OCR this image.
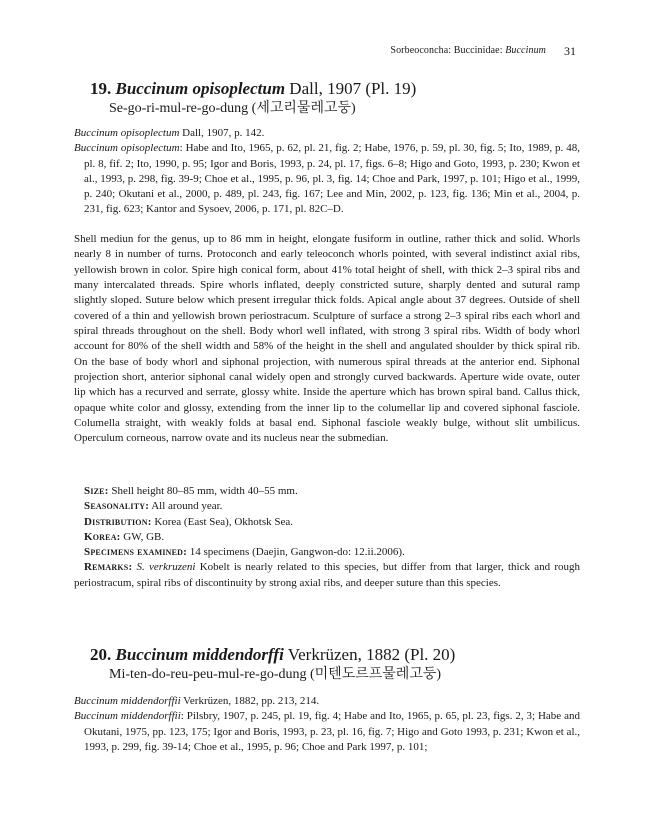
Sorbeoconcha: Buccinidae: Buccinum 31
19. Buccinum opisoplectum Dall, 1907 (Pl. 19)
Se-go-ri-mul-re-go-dung (세고리물레고둥)

Buccinum opisoplectum Dall, 1907, p. 142.

Buccinum opisoplectum: Habe and Ito, 1965, p. 62, pl. 21, fig. 2; Habe, 1976, p. 59, pl. 30, fig. 5; Ito, 1989, p. 48, pl. 8, fif. 2; Ito, 1990, p. 95; Igor and Boris, 1993, p. 24, pl. 17, figs. 6–8; Higo and Goto, 1993, p. 230; Kwon et al., 1993, p. 298, fig. 39-9; Choe et al., 1995, p. 96, pl. 3, fig. 14; Choe and Park, 1997, p. 101; Higo et al., 1999, p. 240; Okutani et al., 2000, p. 489, pl. 243, fig. 167; Lee and Min, 2002, p. 123, fig. 136; Min et al., 2004, p. 231, fig. 623; Kantor and Sysoev, 2006, p. 171, pl. 82C–D.

Shell mediun for the genus, up to 86 mm in height, elongate fusiform in outline, rather thick and solid. Whorls nearly 8 in number of turns. Protoconch and early teleoconch whorls pointed, with several indistinct axial ribs, yellowish brown in color. Spire high conical form, about 41% total height of shell, with thick 2–3 spiral ribs and many intercalated threads. Spire whorls inflated, deeply constricted suture, sharply dented and sutural ramp slightly sloped. Suture below which present irregular thick folds. Apical angle about 37 degrees. Outside of shell covered of a thin and yellowish brown periostracum. Sculpture of surface a strong 2–3 spiral ribs each whorl and spiral threads throughout on the shell. Body whorl well inflated, with strong 3 spiral ribs. Width of body whorl account for 80% of the shell width and 58% of the height in the shell and angulated shoulder by thick spiral rib. On the base of body whorl and siphonal projection, with numerous spiral threads at the anterior end. Siphonal projection short, anterior siphonal canal widely open and strongly curved backwards. Aperture wide ovate, outer lip which has a recurved and serrate, glossy white. Inside the aperture which has brown spiral band. Callus thick, opaque white color and glossy, extending from the inner lip to the columellar lip and covered siphonal fasciole. Columella straight, with weakly folds at basal end. Siphonal fasciole weakly bulge, without slit umbilicus. Operculum corneous, narrow ovate and its nucleus near the submedian.

Size: Shell height 80–85 mm, width 40–55 mm.

Seasonality: All around year.

Distribution: Korea (East Sea), Okhotsk Sea.

Korea: GW, GB.

Specimens examined: 14 specimens (Daejin, Gangwon-do: 12.ii.2006).

Remarks: S. verkruzeni Kobelt is nearly related to this species, but differ from that larger, thick and rough periostracum, spiral ribs of discontinuity by strong axial ribs, and deeper suture than this species.

20. Buccinum middendorffi Verkrüzen, 1882 (Pl. 20)
Mi-ten-do-reu-peu-mul-re-go-dung (미텐도르프물레고둥)

Buccinum middendorffii Verkrüzen, 1882, pp. 213, 214.

Buccinum middendorffii: Pilsbry, 1907, p. 245, pl. 19, fig. 4; Habe and Ito, 1965, p. 65, pl. 23, figs. 2, 3; Habe and Okutani, 1975, pp. 123, 175; Igor and Boris, 1993, p. 23, pl. 16, fig. 7; Higo and Goto 1993, p. 231; Kwon et al., 1993, p. 299, fig. 39-14; Choe et al., 1995, p. 96; Choe and Park 1997, p. 101;
